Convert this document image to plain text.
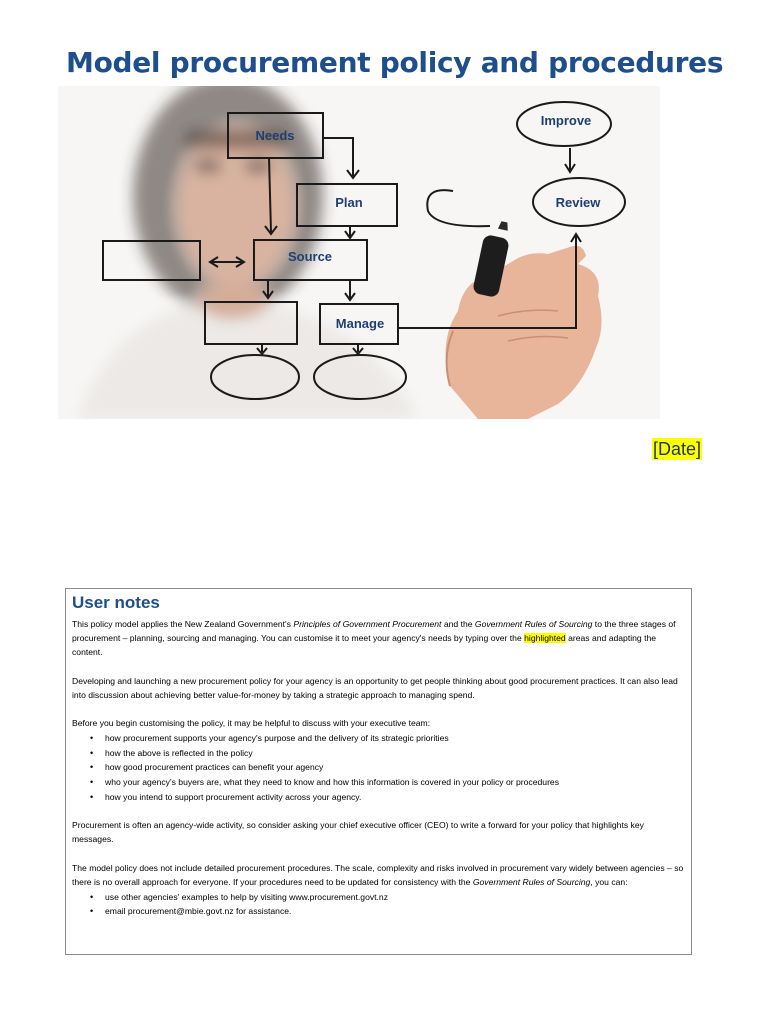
Model procurement policy and procedures
Needs
Plan
Source
Manage
Improve
Review
[Date]
User notes

This policy model applies the New Zealand Government's Principles of Government Procurement and the Government Rules of Sourcing to the three stages of procurement – planning, sourcing and managing. You can customise it to meet your agency's needs by typing over the highlighted areas and adapting the content.

Developing and launching a new procurement policy for your agency is an opportunity to get people thinking about good procurement practices. It can also lead into discussion about achieving better value-for-money by taking a strategic approach to managing spend.

Before you begin customising the policy, it may be helpful to discuss with your executive team:

• how procurement supports your agency's purpose and the delivery of its strategic priorities
• how the above is reflected in the policy
• how good procurement practices can benefit your agency
• who your agency's buyers are, what they need to know and how this information is covered in your policy or procedures
• how you intend to support procurement activity across your agency.

Procurement is often an agency-wide activity, so consider asking your chief executive officer (CEO) to write a forward for your policy that highlights key messages.

The model policy does not include detailed procurement procedures. The scale, complexity and risks involved in procurement vary widely between agencies – so there is no overall approach for everyone. If your procedures need to be updated for consistency with the Government Rules of Sourcing, you can:

• use other agencies' examples to help by visiting www.procurement.govt.nz
• email procurement@mbie.govt.nz for assistance.
